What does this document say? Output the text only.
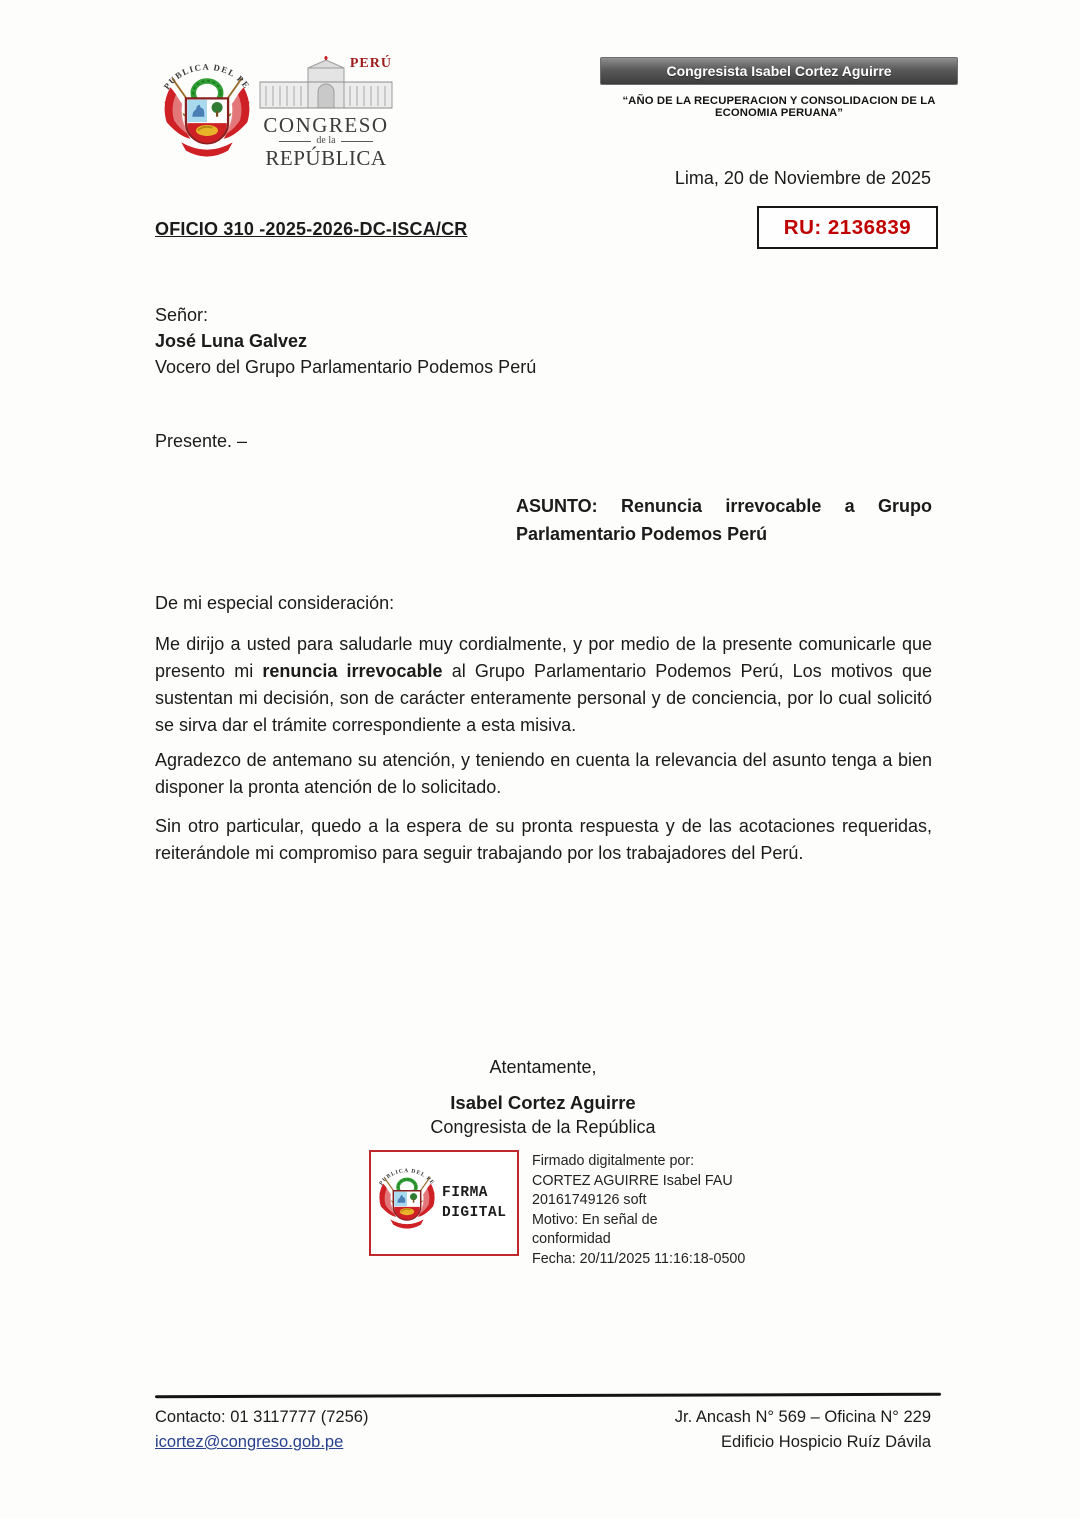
PERÚ
CONGRESO
de la
REPÚBLICA
Congresista Isabel Cortez Aguirre
“AÑO DE LA RECUPERACION Y CONSOLIDACION DE LA ECONOMIA PERUANA”
Lima, 20 de Noviembre de 2025
OFICIO 310 -2025-2026-DC-ISCA/CR	RU: 2136839
Señor:
José Luna Galvez
Vocero del Grupo Parlamentario Podemos Perú
Presente. –
ASUNTO: Renuncia irrevocable a Grupo Parlamentario Podemos Perú
De mi especial consideración:

Me dirijo a usted para saludarle muy cordialmente, y por medio de la presente comunicarle que presento mi renuncia irrevocable al Grupo Parlamentario Podemos Perú, Los motivos que sustentan mi decisión, son de carácter enteramente personal y de conciencia, por lo cual solicitó se sirva dar el trámite correspondiente a esta misiva.

Agradezco de antemano su atención, y teniendo en cuenta la relevancia del asunto tenga a bien disponer la pronta atención de lo solicitado.

Sin otro particular, quedo a la espera de su pronta respuesta y de las acotaciones requeridas, reiterándole mi compromiso para seguir trabajando por los trabajadores del Perú.

Atentamente,
Isabel Cortez Aguirre
Congresista de la República
FIRMA
DIGITAL
Firmado digitalmente por:
CORTEZ AGUIRRE Isabel FAU
20161749126 soft
Motivo: En señal de
conformidad
Fecha: 20/11/2025 11:16:18-0500
Contacto: 01 3117777 (7256)
icortez@congreso.gob.pe
Jr. Ancash N° 569 – Oficina N° 229
Edificio Hospicio Ruíz Dávila
